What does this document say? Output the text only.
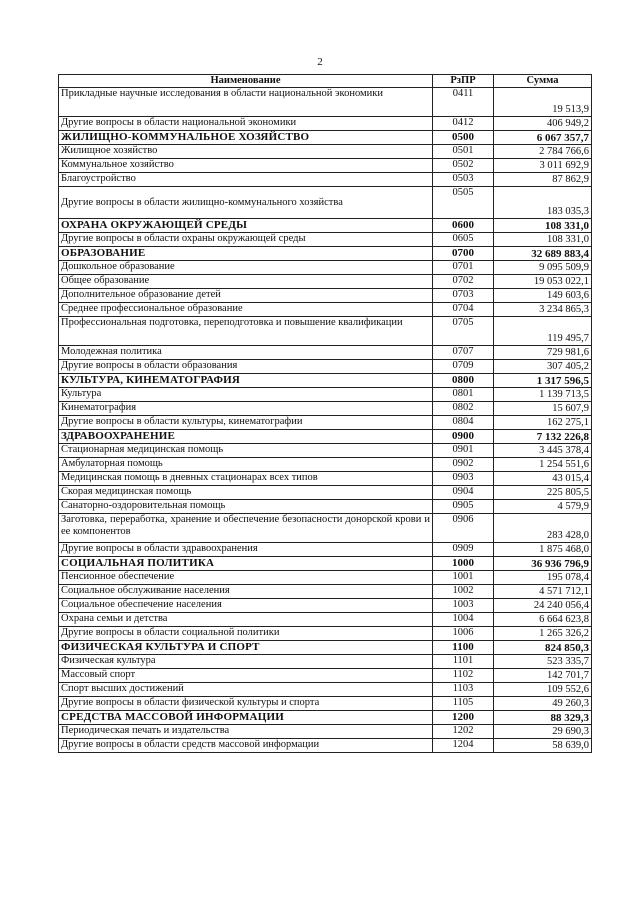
2
Наименование	РзПР	Сумма
Прикладные научные исследования в области национальной экономики	0411	19 513,9
Другие вопросы в области национальной экономики	0412	406 949,2
ЖИЛИЩНО-КОММУНАЛЬНОЕ ХОЗЯЙСТВО	0500	6 067 357,7
Жилищное хозяйство	0501	2 784 766,6
Коммунальное хозяйство	0502	3 011 692,9
Благоустройство	0503	87 862,9
Другие вопросы в области жилищно-коммунального хозяйства	0505	183 035,3
ОХРАНА ОКРУЖАЮЩЕЙ СРЕДЫ	0600	108 331,0
Другие вопросы в области охраны окружающей среды	0605	108 331,0
ОБРАЗОВАНИЕ	0700	32 689 883,4
Дошкольное образование	0701	9 095 509,9
Общее образование	0702	19 053 022,1
Дополнительное образование детей	0703	149 603,6
Среднее профессиональное образование	0704	3 234 865,3
Профессиональная подготовка, переподготовка и повышение квалификации	0705	119 495,7
Молодежная политика	0707	729 981,6
Другие вопросы в области образования	0709	307 405,2
КУЛЬТУРА, КИНЕМАТОГРАФИЯ	0800	1 317 596,5
Культура	0801	1 139 713,5
Кинематография	0802	15 607,9
Другие вопросы в области культуры, кинематографии	0804	162 275,1
ЗДРАВООХРАНЕНИЕ	0900	7 132 226,8
Стационарная медицинская помощь	0901	3 445 378,4
Амбулаторная помощь	0902	1 254 551,6
Медицинская помощь в дневных стационарах всех типов	0903	43 015,4
Скорая медицинская помощь	0904	225 805,5
Санаторно-оздоровительная помощь	0905	4 579,9
Заготовка, переработка, хранение и обеспечение безопасности донорской крови и ее компонентов	0906	283 428,0
Другие вопросы в области здравоохранения	0909	1 875 468,0
СОЦИАЛЬНАЯ ПОЛИТИКА	1000	36 936 796,9
Пенсионное обеспечение	1001	195 078,4
Социальное обслуживание населения	1002	4 571 712,1
Социальное обеспечение населения	1003	24 240 056,4
Охрана семьи и детства	1004	6 664 623,8
Другие вопросы в области социальной политики	1006	1 265 326,2
ФИЗИЧЕСКАЯ КУЛЬТУРА И СПОРТ	1100	824 850,3
Физическая культура	1101	523 335,7
Массовый спорт	1102	142 701,7
Спорт высших достижений	1103	109 552,6
Другие вопросы в области физической культуры и спорта	1105	49 260,3
СРЕДСТВА МАССОВОЙ ИНФОРМАЦИИ	1200	88 329,3
Периодическая печать и издательства	1202	29 690,3
Другие вопросы в области средств массовой информации	1204	58 639,0
